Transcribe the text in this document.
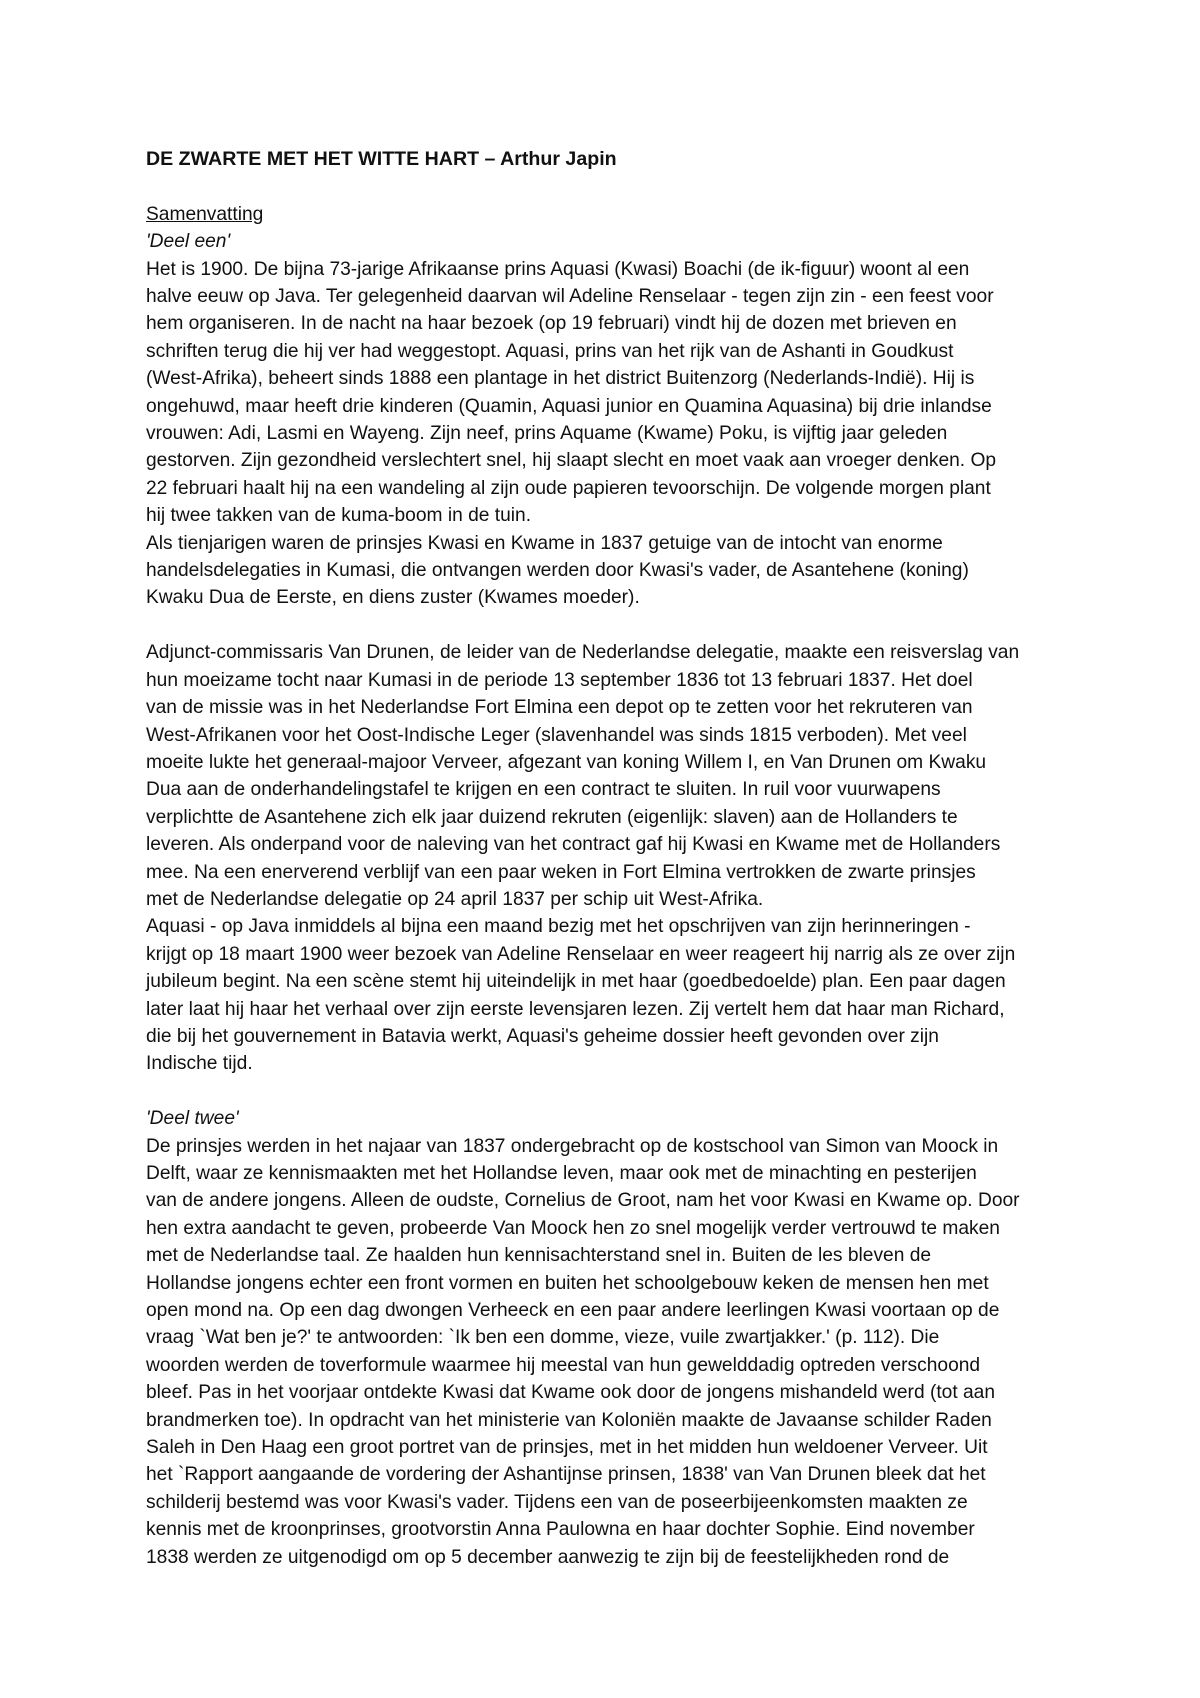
DE ZWARTE MET HET WITTE HART – Arthur Japin

Samenvatting

'Deel een'

Het is 1900. De bijna 73-jarige Afrikaanse prins Aquasi (Kwasi) Boachi (de ik-figuur) woont al een
halve eeuw op Java. Ter gelegenheid daarvan wil Adeline Renselaar - tegen zijn zin - een feest voor
hem organiseren. In de nacht na haar bezoek (op 19 februari) vindt hij de dozen met brieven en
schriften terug die hij ver had weggestopt. Aquasi, prins van het rijk van de Ashanti in Goudkust
(West-Afrika), beheert sinds 1888 een plantage in het district Buitenzorg (Nederlands-Indië). Hij is
ongehuwd, maar heeft drie kinderen (Quamin, Aquasi junior en Quamina Aquasina) bij drie inlandse
vrouwen: Adi, Lasmi en Wayeng. Zijn neef, prins Aquame (Kwame) Poku, is vijftig jaar geleden
gestorven. Zijn gezondheid verslechtert snel, hij slaapt slecht en moet vaak aan vroeger denken. Op
22 februari haalt hij na een wandeling al zijn oude papieren tevoorschijn. De volgende morgen plant
hij twee takken van de kuma-boom in de tuin.
Als tienjarigen waren de prinsjes Kwasi en Kwame in 1837 getuige van de intocht van enorme
handelsdelegaties in Kumasi, die ontvangen werden door Kwasi's vader, de Asantehene (koning)
Kwaku Dua de Eerste, en diens zuster (Kwames moeder).
Adjunct-commissaris Van Drunen, de leider van de Nederlandse delegatie, maakte een reisverslag van
hun moeizame tocht naar Kumasi in de periode 13 september 1836 tot 13 februari 1837. Het doel
van de missie was in het Nederlandse Fort Elmina een depot op te zetten voor het rekruteren van
West-Afrikanen voor het Oost-Indische Leger (slavenhandel was sinds 1815 verboden). Met veel
moeite lukte het generaal-majoor Verveer, afgezant van koning Willem I, en Van Drunen om Kwaku
Dua aan de onderhandelingstafel te krijgen en een contract te sluiten. In ruil voor vuurwapens
verplichtte de Asantehene zich elk jaar duizend rekruten (eigenlijk: slaven) aan de Hollanders te
leveren. Als onderpand voor de naleving van het contract gaf hij Kwasi en Kwame met de Hollanders
mee. Na een enerverend verblijf van een paar weken in Fort Elmina vertrokken de zwarte prinsjes
met de Nederlandse delegatie op 24 april 1837 per schip uit West-Afrika.
Aquasi - op Java inmiddels al bijna een maand bezig met het opschrijven van zijn herinneringen -
krijgt op 18 maart 1900 weer bezoek van Adeline Renselaar en weer reageert hij narrig als ze over zijn
jubileum begint. Na een scène stemt hij uiteindelijk in met haar (goedbedoelde) plan. Een paar dagen
later laat hij haar het verhaal over zijn eerste levensjaren lezen. Zij vertelt hem dat haar man Richard,
die bij het gouvernement in Batavia werkt, Aquasi's geheime dossier heeft gevonden over zijn
Indische tijd.

'Deel twee'

De prinsjes werden in het najaar van 1837 ondergebracht op de kostschool van Simon van Moock in
Delft, waar ze kennismaakten met het Hollandse leven, maar ook met de minachting en pesterijen
van de andere jongens. Alleen de oudste, Cornelius de Groot, nam het voor Kwasi en Kwame op. Door
hen extra aandacht te geven, probeerde Van Moock hen zo snel mogelijk verder vertrouwd te maken
met de Nederlandse taal. Ze haalden hun kennisachterstand snel in. Buiten de les bleven de
Hollandse jongens echter een front vormen en buiten het schoolgebouw keken de mensen hen met
open mond na. Op een dag dwongen Verheeck en een paar andere leerlingen Kwasi voortaan op de
vraag `Wat ben je?' te antwoorden: `Ik ben een domme, vieze, vuile zwartjakker.' (p. 112). Die
woorden werden de toverformule waarmee hij meestal van hun gewelddadig optreden verschoond
bleef. Pas in het voorjaar ontdekte Kwasi dat Kwame ook door de jongens mishandeld werd (tot aan
brandmerken toe). In opdracht van het ministerie van Koloniën maakte de Javaanse schilder Raden
Saleh in Den Haag een groot portret van de prinsjes, met in het midden hun weldoener Verveer. Uit
het `Rapport aangaande de vordering der Ashantijnse prinsen, 1838' van Van Drunen bleek dat het
schilderij bestemd was voor Kwasi's vader. Tijdens een van de poseerbijeenkomsten maakten ze
kennis met de kroonprinses, grootvorstin Anna Paulowna en haar dochter Sophie. Eind november
1838 werden ze uitgenodigd om op 5 december aanwezig te zijn bij de feestelijkheden rond de
